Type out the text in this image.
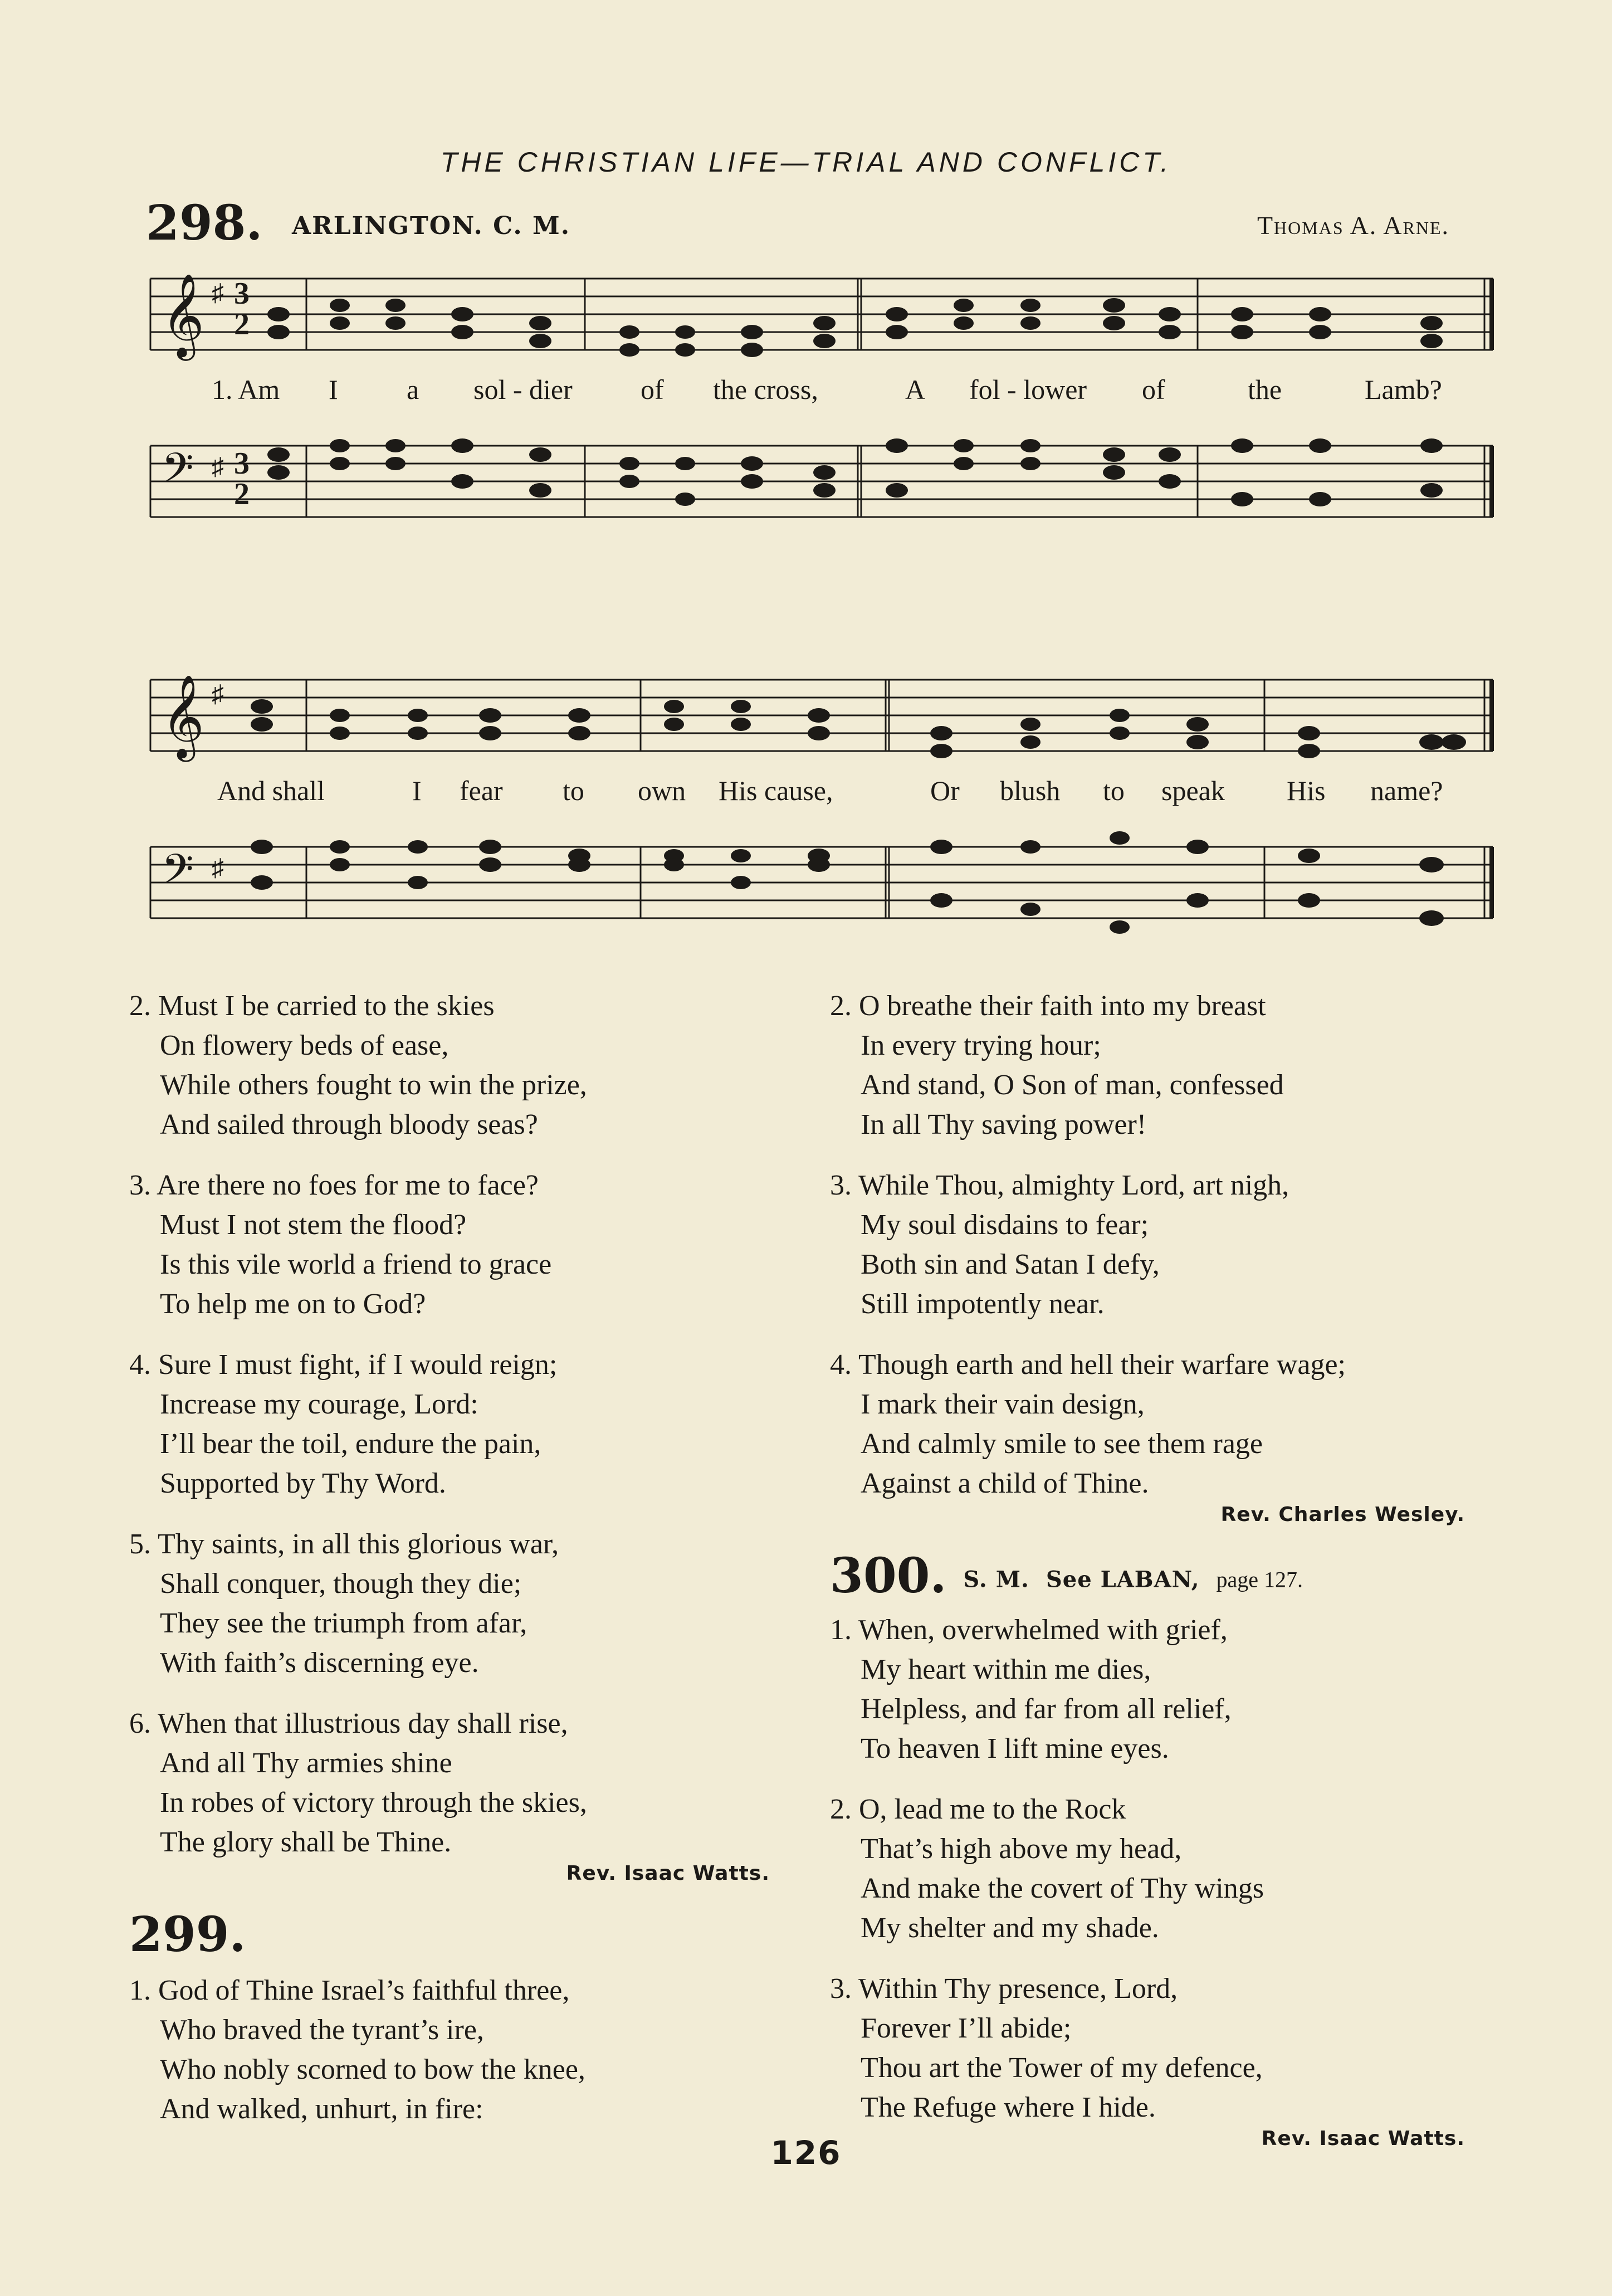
THE CHRISTIAN LIFE—TRIAL AND CONFLICT.
298. ARLINGTON. C. M.	Thomas A. Arne.
𝄞 ♯ 3
2
1. Am I a sol - dier of the cross,	A fol - lower of	the	Lamb?
𝄢 ♯ 3
2
𝄞 ♯
And shall	I fear to own His cause,	Or blush to speak His name?
𝄢 ♯
2. Must I be carried to the skies
On flowery beds of ease,
While others fought to win the prize,
And sailed through bloody seas?
3. Are there no foes for me to face?
Must I not stem the flood?
Is this vile world a friend to grace
To help me on to God?
4. Sure I must fight, if I would reign;
Increase my courage, Lord:
I’ll bear the toil, endure the pain,
Supported by Thy Word.
5. Thy saints, in all this glorious war,
Shall conquer, though they die;
They see the triumph from afar,
With faith’s discerning eye.
6. When that illustrious day shall rise,
And all Thy armies shine
In robes of victory through the skies,
The glory shall be Thine.
Rev. Isaac Watts.
299.
1. God of Thine Israel’s faithful three,
Who braved the tyrant’s ire,
Who nobly scorned to bow the knee,
And walked, unhurt, in fire:
2. O breathe their faith into my breast
In every trying hour;
And stand, O Son of man, confessed
In all Thy saving power!
3. While Thou, almighty Lord, art nigh,
My soul disdains to fear;
Both sin and Satan I defy,
Still impotently near.
4. Though earth and hell their warfare wage;
I mark their vain design,
And calmly smile to see them rage
Against a child of Thine.
Rev. Charles Wesley.
300. S. M. See LABAN, page 127.
1. When, overwhelmed with grief,
My heart within me dies,
Helpless, and far from all relief,
To heaven I lift mine eyes.
2. O, lead me to the Rock
That’s high above my head,
And make the covert of Thy wings
My shelter and my shade.
3. Within Thy presence, Lord,
Forever I’ll abide;
Thou art the Tower of my defence,
The Refuge where I hide.
Rev. Isaac Watts.
126
